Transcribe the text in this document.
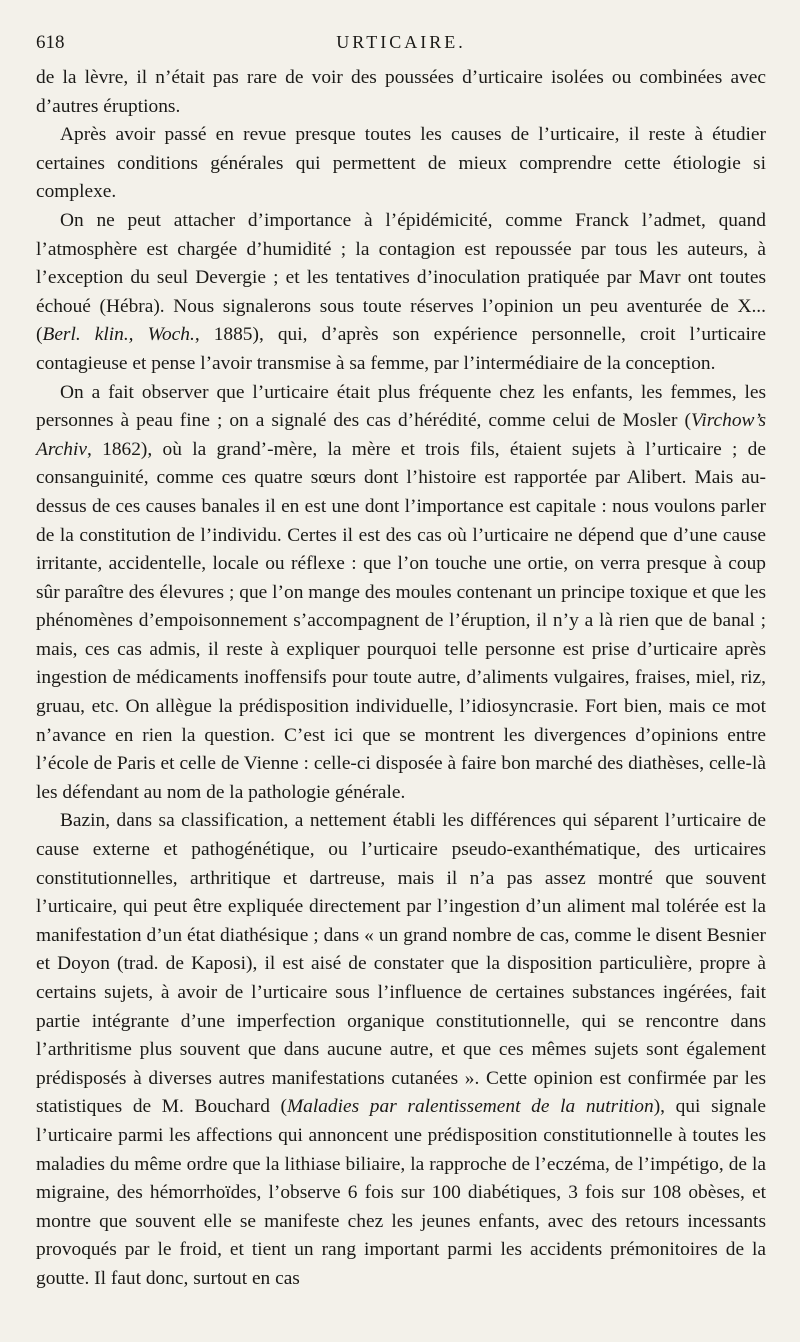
618	URTICAIRE.

de la lèvre, il n’était pas rare de voir des poussées d’urticaire isolées ou combinées avec d’autres éruptions.

Après avoir passé en revue presque toutes les causes de l’urticaire, il reste à étudier certaines conditions générales qui permettent de mieux comprendre cette étiologie si complexe.

On ne peut attacher d’importance à l’épidémicité, comme Franck l’admet, quand l’atmosphère est chargée d’humidité ; la contagion est repoussée par tous les auteurs, à l’exception du seul Devergie ; et les tentatives d’inoculation pratiquée par Mavr ont toutes échoué (Hébra). Nous signalerons sous toute réserves l’opinion un peu aventurée de X... (Berl. klin., Woch., 1885), qui, d’après son expérience personnelle, croit l’urticaire contagieuse et pense l’avoir transmise à sa femme, par l’intermédiaire de la conception.

On a fait observer que l’urticaire était plus fréquente chez les enfants, les femmes, les personnes à peau fine ; on a signalé des cas d’hérédité, comme celui de Mosler (Virchow’s Archiv, 1862), où la grand’-mère, la mère et trois fils, étaient sujets à l’urticaire ; de consanguinité, comme ces quatre sœurs dont l’histoire est rapportée par Alibert. Mais au-dessus de ces causes banales il en est une dont l’importance est capitale : nous voulons parler de la constitution de l’individu. Certes il est des cas où l’urticaire ne dépend que d’une cause irritante, accidentelle, locale ou réflexe : que l’on touche une ortie, on verra presque à coup sûr paraître des élevures ; que l’on mange des moules contenant un principe toxique et que les phénomènes d’empoisonnement s’accompagnent de l’éruption, il n’y a là rien que de banal ; mais, ces cas admis, il reste à expliquer pourquoi telle personne est prise d’urticaire après ingestion de médicaments inoffensifs pour toute autre, d’aliments vulgaires, fraises, miel, riz, gruau, etc. On allègue la prédisposition individuelle, l’idiosyncrasie. Fort bien, mais ce mot n’avance en rien la question. C’est ici que se montrent les divergences d’opinions entre l’école de Paris et celle de Vienne : celle-ci disposée à faire bon marché des diathèses, celle-là les défendant au nom de la pathologie générale.

Bazin, dans sa classification, a nettement établi les différences qui séparent l’urticaire de cause externe et pathogénétique, ou l’urticaire pseudo-exanthématique, des urticaires constitutionnelles, arthritique et dartreuse, mais il n’a pas assez montré que souvent l’urticaire, qui peut être expliquée directement par l’ingestion d’un aliment mal tolérée est la manifestation d’un état diathésique ; dans « un grand nombre de cas, comme le disent Besnier et Doyon (trad. de Kaposi), il est aisé de constater que la disposition particulière, propre à certains sujets, à avoir de l’urticaire sous l’influence de certaines substances ingérées, fait partie intégrante d’une imperfection organique constitutionnelle, qui se rencontre dans l’arthritisme plus souvent que dans aucune autre, et que ces mêmes sujets sont également prédisposés à diverses autres manifestations cutanées ». Cette opinion est confirmée par les statistiques de M. Bouchard (Maladies par ralentissement de la nutrition), qui signale l’urticaire parmi les affections qui annoncent une prédisposition constitutionnelle à toutes les maladies du même ordre que la lithiase biliaire, la rapproche de l’eczéma, de l’impétigo, de la migraine, des hémorrhoïdes, l’observe 6 fois sur 100 diabétiques, 3 fois sur 108 obèses, et montre que souvent elle se manifeste chez les jeunes enfants, avec des retours incessants provoqués par le froid, et tient un rang important parmi les accidents prémonitoires de la goutte. Il faut donc, surtout en cas
